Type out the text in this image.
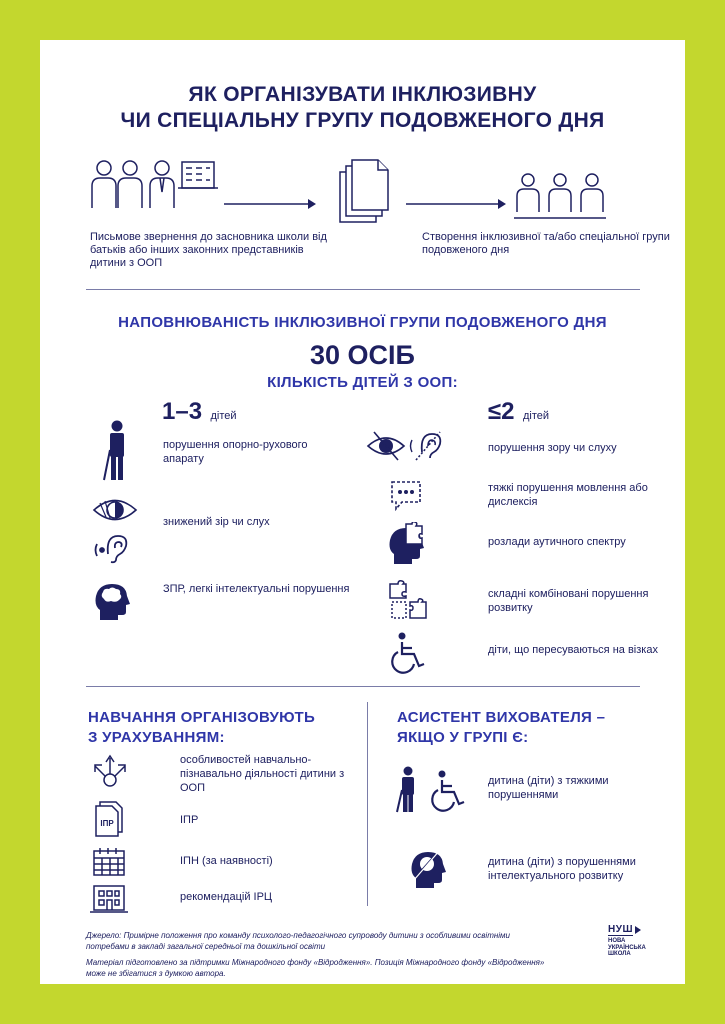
ЯК ОРГАНІЗУВАТИ ІНКЛЮЗИВНУ
ЧИ СПЕЦІАЛЬНУ ГРУПУ ПОДОВЖЕНОГО ДНЯ
Письмове звернення до засновника школи від батьків або інших законних представників дитини з ООП
Створення інклюзивної та/або спеціальної групи подовженого дня
НАПОВНЮВАНІСТЬ ІНКЛЮЗИВНОЇ ГРУПИ ПОДОВЖЕНОГО ДНЯ
30 ОСІБ
КІЛЬКІСТЬ ДІТЕЙ З ООП:
1–3 дітей
порушення опорно-рухового апарату
знижений зір чи слух
ЗПР, легкі інтелектуальні порушення
≤2 дітей
порушення зору чи слуху
тяжкі порушення мовлення або дислексія
розлади аутичного спектру
складні комбіновані порушення розвитку
діти, що пересуваються на візках
НАВЧАННЯ ОРГАНІЗОВУЮТЬ
З УРАХУВАННЯМ:
особливостей навчально-пізнавально діяльності дитини з ООП
ІПР	ІПР
ІПН (за наявності)
рекомендацій ІРЦ
АСИСТЕНТ ВИХОВАТЕЛЯ –
ЯКЩО У ГРУПІ Є:
дитина (діти) з тяжкими порушеннями
дитина (діти) з порушеннями інтелектуального розвитку
Джерело: Примірне положення про команду психолого-педагогічного супроводу дитини з особливими освітніми потребами в закладі загальної середньої та дошкільної освіти
Матеріал підготовлено за підтримки Міжнародного фонду «Відродження». Позиція Міжнародного фонду «Відродження» може не збігатися з думкою автора.
НУШ
НОВА
УКРАЇНСЬКА
ШКОЛА
